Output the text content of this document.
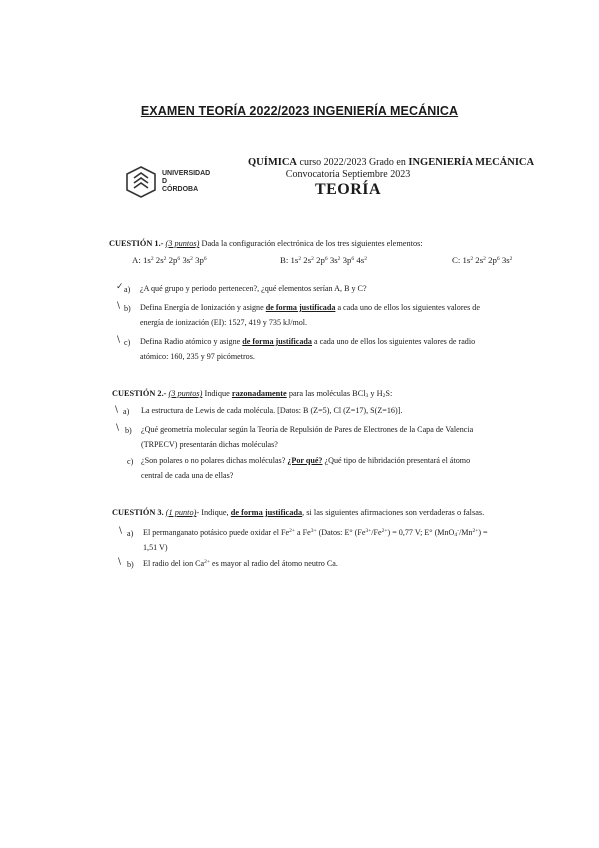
EXAMEN TEORÍA 2022/2023 INGENIERÍA MECÁNICA
UNIVERSIDAD
D
CÓRDOBA
QUÍMICA curso 2022/2023 Grado en INGENIERÍA MECÁNICA
Convocatoria Septiembre 2023
TEORÍA
CUESTIÓN 1.- (3 puntos) Dada la configuración electrónica de los tres siguientes elementos:
A: $1s^2$ $2s^2$ $2p^6$ $3s^2$ $3p^6$	B: $1s^2$ $2s^2$ $2p^6$ $3s^2$ $3p^6$ $4s^2$	C: $1s^2$ $2s^2$ $2p^6$ $3s^2$
✓ a) ¿A qué grupo y periodo pertenecen?, ¿qué elementos serían A, B y C?
\ b) Defina Energía de Ionización y asigne de forma justificada a cada uno de ellos los siguientes valores de
energía de ionización (EI): 1527, 419 y 735 kJ/mol.
\ c) Defina Radio atómico y asigne de forma justificada a cada uno de ellos los siguientes valores de radio
atómico: 160, 235 y 97 picómetros.
CUESTIÓN 2.- (3 puntos) Indique razonadamente para las moléculas BCl$_3$ y $H_2S$:
\ a) La estructura de Lewis de cada molécula. [Datos: B (Z=5), Cl (Z=17), S(Z=16)].
\ b) ¿Qué geometría molecular según la Teoría de Repulsión de Pares de Electrones de la Capa de Valencia
(TRPECV) presentarán dichas moléculas?
c) ¿Son polares o no polares dichas moléculas? ¿Por qué? ¿Qué tipo de hibridación presentará el átomo
central de cada una de ellas?
CUESTIÓN 3. (1 punto)- Indique, de forma justificada, si las siguientes afirmaciones son verdaderas o falsas.
\ a) El permanganato potásico puede oxidar el $Fe^{2+}$ a $Fe^{3+}$ (Datos: E° $(Fe^{3+}/Fe^{2+}) = 0,77$ V; E° $(MnO_4^-/Mn^{2+})$ =
1,51 V)
\ b) El radio del ion $Ca^{2+}$ es mayor al radio del átomo neutro Ca.
